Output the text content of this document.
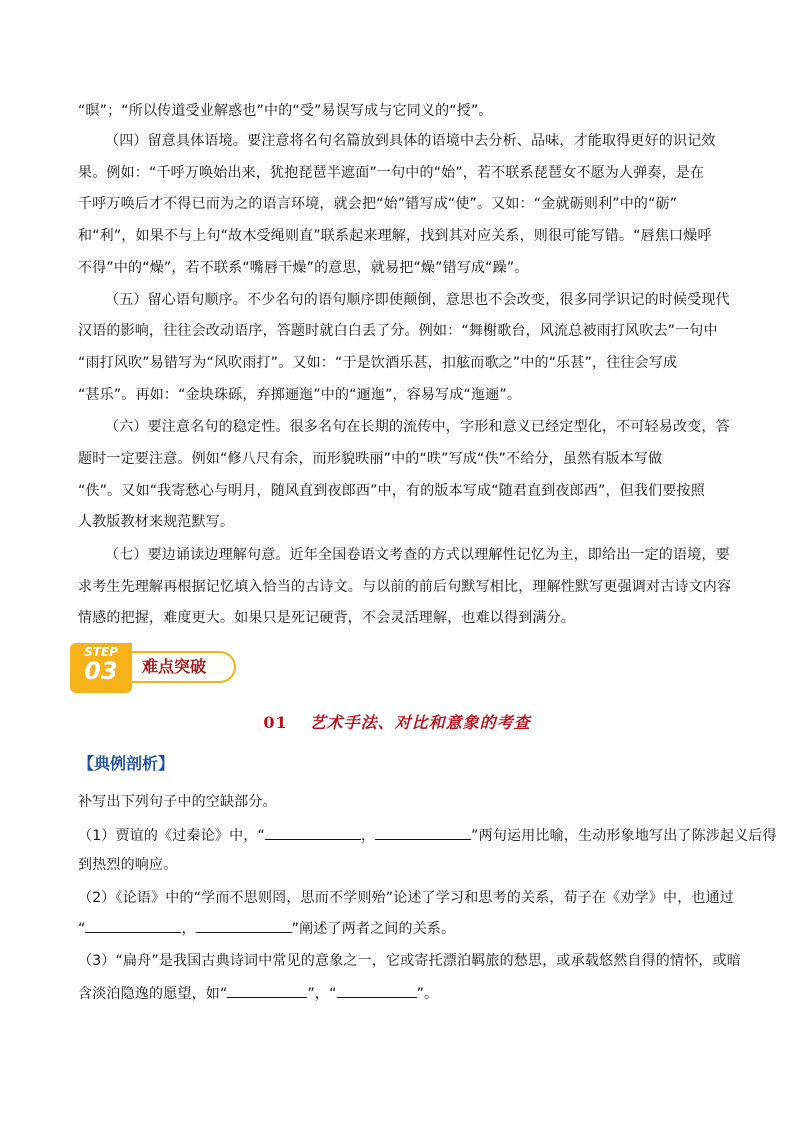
“暝”；“所以传道受业解惑也”中的“受”易误写成与它同义的“授”。
（四）留意具体语境。要注意将名句名篇放到具体的语境中去分析、品味，才能取得更好的识记效
果。例如：“千呼万唤始出来，犹抱琵琶半遮面”一句中的“始”，若不联系琵琶女不愿为人弹奏，是在
千呼万唤后才不得已而为之的语言环境，就会把“始”错写成“使”。又如：“金就砺则利”中的“砺”
和“利”，如果不与上句“故木受绳则直”联系起来理解，找到其对应关系，则很可能写错。“唇焦口燥呼
不得”中的“燥”，若不联系“嘴唇干燥”的意思，就易把“燥”错写成“躁”。
（五）留心语句顺序。不少名句的语句顺序即使颠倒，意思也不会改变，很多同学识记的时候受现代
汉语的影响，往往会改动语序，答题时就白白丢了分。例如：“舞榭歌台，风流总被雨打风吹去”一句中
“雨打风吹”易错写为“风吹雨打”。又如：“于是饮酒乐甚，扣舷而歌之”中的“乐甚”，往往会写成
“甚乐”。再如：“金块珠砾，弃掷逦迤”中的“逦迤”，容易写成“迤逦”。
（六）要注意名句的稳定性。很多名句在长期的流传中，字形和意义已经定型化，不可轻易改变，答
题时一定要注意。例如“修八尺有余，而形貌昳丽”中的“昳”写成“佚”不给分，虽然有版本写做
“佚”。又如“我寄愁心与明月，随风直到夜郎西”中，有的版本写成“随君直到夜郎西”，但我们要按照
人教版教材来规范默写。
（七）要边诵读边理解句意。近年全国卷语文考查的方式以理解性记忆为主，即给出一定的语境，要
求考生先理解再根据记忆填入恰当的古诗文。与以前的前后句默写相比，理解性默写更强调对古诗文内容
情感的把握，难度更大。如果只是死记硬背，不会灵活理解，也难以得到满分。
STEP
03	难点突破
01 艺术手法、对比和意象的考查
【典例剖析】
补写出下列句子中的空缺部分。
（1）贾谊的《过秦论》中，“	，	”两句运用比喻，生动形象地写出了陈涉起义后得
到热烈的响应。
（2）《论语》中的“学而不思则罔，思而不学则殆”论述了学习和思考的关系，荀子在《劝学》中，也通过
“	，	”阐述了两者之间的关系。
（3）“扁舟”是我国古典诗词中常见的意象之一，它或寄托漂泊羁旅的愁思，或承载悠然自得的情怀，或暗
含淡泊隐逸的愿望，如“	”，“	”。
